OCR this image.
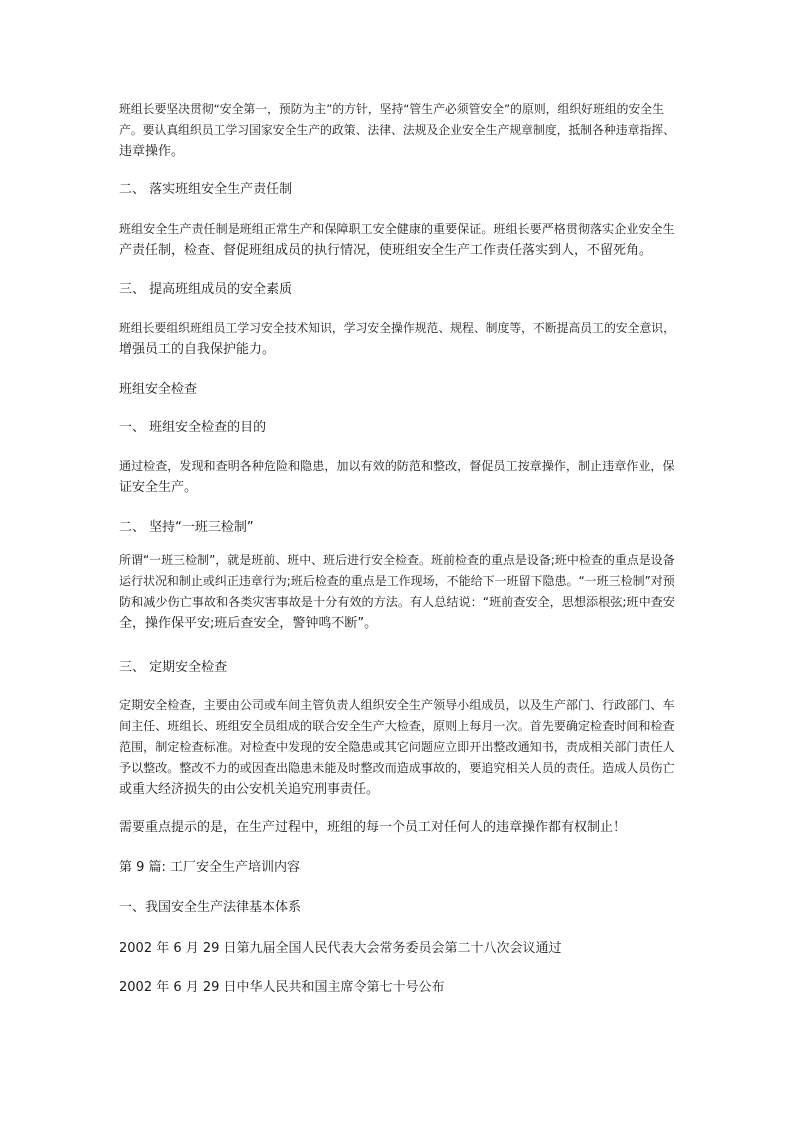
班组长要坚决贯彻“安全第一，预防为主”的方针，坚持“管生产必须管安全”的原则，组织好班组的安全生
产。要认真组织员工学习国家安全生产的政策、法律、法规及企业安全生产规章制度，抵制各种违章指挥、
违章操作。
二、 落实班组安全生产责任制
班组安全生产责任制是班组正常生产和保障职工安全健康的重要保证。班组长要严格贯彻落实企业安全生
产责任制，检查、督促班组成员的执行情况，使班组安全生产工作责任落实到人，不留死角。
三、 提高班组成员的安全素质
班组长要组织班组员工学习安全技术知识，学习安全操作规范、规程、制度等，不断提高员工的安全意识，
增强员工的自我保护能力。
班组安全检查
一、 班组安全检查的目的
通过检查，发现和查明各种危险和隐患，加以有效的防范和整改，督促员工按章操作，制止违章作业，保
证安全生产。
二、 坚持“一班三检制”
所谓“一班三检制”，就是班前、班中、班后进行安全检查。班前检查的重点是设备;班中检查的重点是设备
运行状况和制止或纠正违章行为;班后检查的重点是工作现场，不能给下一班留下隐患。“一班三检制”对预
防和减少伤亡事故和各类灾害事故是十分有效的方法。有人总结说：“班前查安全，思想添根弦;班中查安
全，操作保平安;班后查安全，警钟鸣不断”。
三、 定期安全检查
定期安全检查，主要由公司或车间主管负责人组织安全生产领导小组成员，以及生产部门、行政部门、车
间主任、班组长、班组安全员组成的联合安全生产大检查，原则上每月一次。首先要确定检查时间和检查
范围，制定检查标准。对检查中发现的安全隐患或其它问题应立即开出整改通知书，责成相关部门责任人
予以整改。整改不力的或因查出隐患未能及时整改而造成事故的，要追究相关人员的责任。造成人员伤亡
或重大经济损失的由公安机关追究刑事责任。
需要重点提示的是，在生产过程中，班组的每一个员工对任何人的违章操作都有权制止！
第 9 篇: 工厂安全生产培训内容
一、我国安全生产法律基本体系
2002 年 6 月 29 日第九届全国人民代表大会常务委员会第二十八次会议通过
2002 年 6 月 29 日中华人民共和国主席令第七十号公布
